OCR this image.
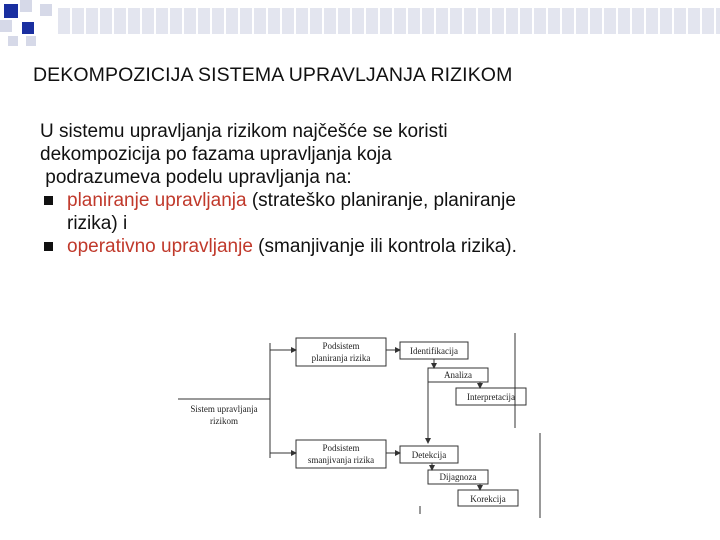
DEKOMPOZICIJA SISTEMA UPRAVLJANJA RIZIKOM
U sistemu upravljanja rizikom najčešće se koristi
dekompozicija po fazama upravljanja koja
podrazumeva podelu upravljanja na:
planiranje upravljanja (strateško planiranje, planiranje
rizika) i
operativno upravljanje (smanjivanje ili kontrola rizika).
Sistem upravljanja
rizikom
Podsistem
planiranja rizika
Identifikacija
Analiza
Interpretacija
Podsistem
smanjivanja rizika	Detekcija
Dijagnoza
Korekcija
